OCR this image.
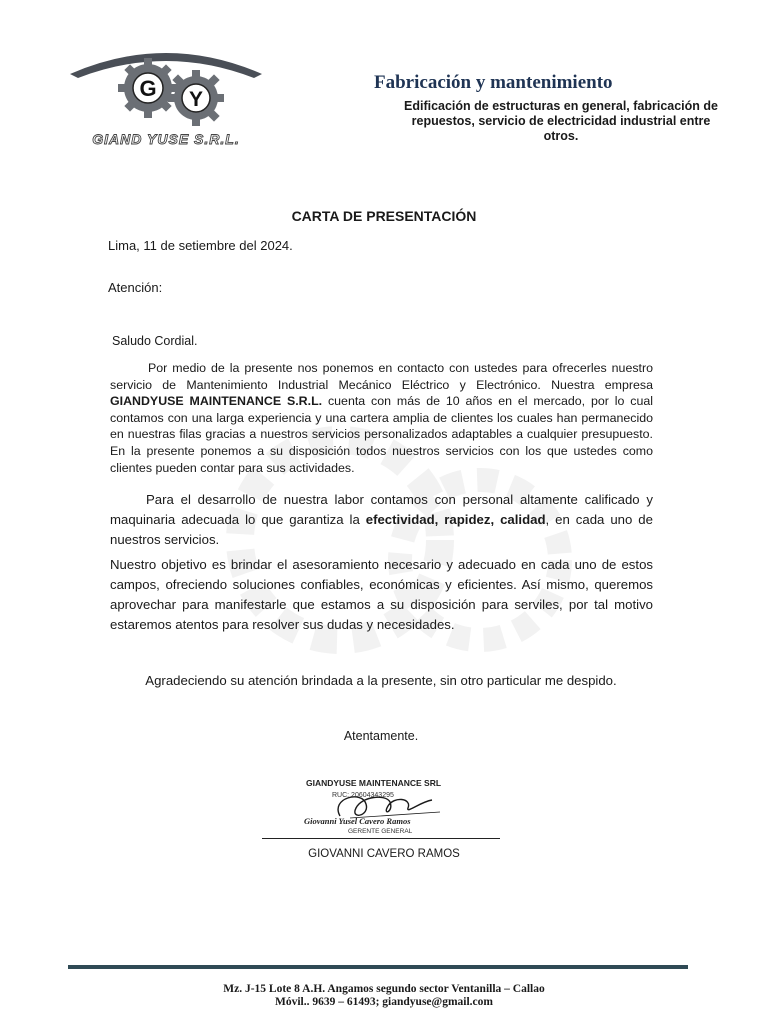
G Y
GIAND YUSE S.R.L.
Fabricación y mantenimiento
Edificación de estructuras en general, fabricación de repuestos, servicio de electricidad industrial entre otros.
CARTA DE PRESENTACIÓN
Lima, 11 de setiembre del 2024.
Atención:
Saludo Cordial.
Por medio de la presente nos ponemos en contacto con ustedes para ofrecerles nuestro servicio de Mantenimiento Industrial Mecánico Eléctrico y Electrónico. Nuestra empresa GIANDYUSE MAINTENANCE S.R.L. cuenta con más de 10 años en el mercado, por lo cual contamos con una larga experiencia y una cartera amplia de clientes los cuales han permanecido en nuestras filas gracias a nuestros servicios personalizados adaptables a cualquier presupuesto. En la presente ponemos a su disposición todos nuestros servicios con los que ustedes como clientes pueden contar para sus actividades.
Para el desarrollo de nuestra labor contamos con personal altamente calificado y maquinaria adecuada lo que garantiza la efectividad, rapidez, calidad, en cada uno de nuestros servicios.
Nuestro objetivo es brindar el asesoramiento necesario y adecuado en cada uno de estos campos, ofreciendo soluciones confiables, económicas y eficientes. Así mismo, queremos aprovechar para manifestarle que estamos a su disposición para serviles, por tal motivo estaremos atentos para resolver sus dudas y necesidades.
Agradeciendo su atención brindada a la presente, sin otro particular me despido.
Atentamente.
GIANDYUSE MAINTENANCE SRL
RUC: 20604343295
Giovanni Yusel Cavero Ramos
GERENTE GENERAL
GIOVANNI CAVERO RAMOS
Mz. J-15 Lote 8 A.H. Angamos segundo sector Ventanilla – Callao
Móvil.. 9639 – 61493; giandyuse@gmail.com
